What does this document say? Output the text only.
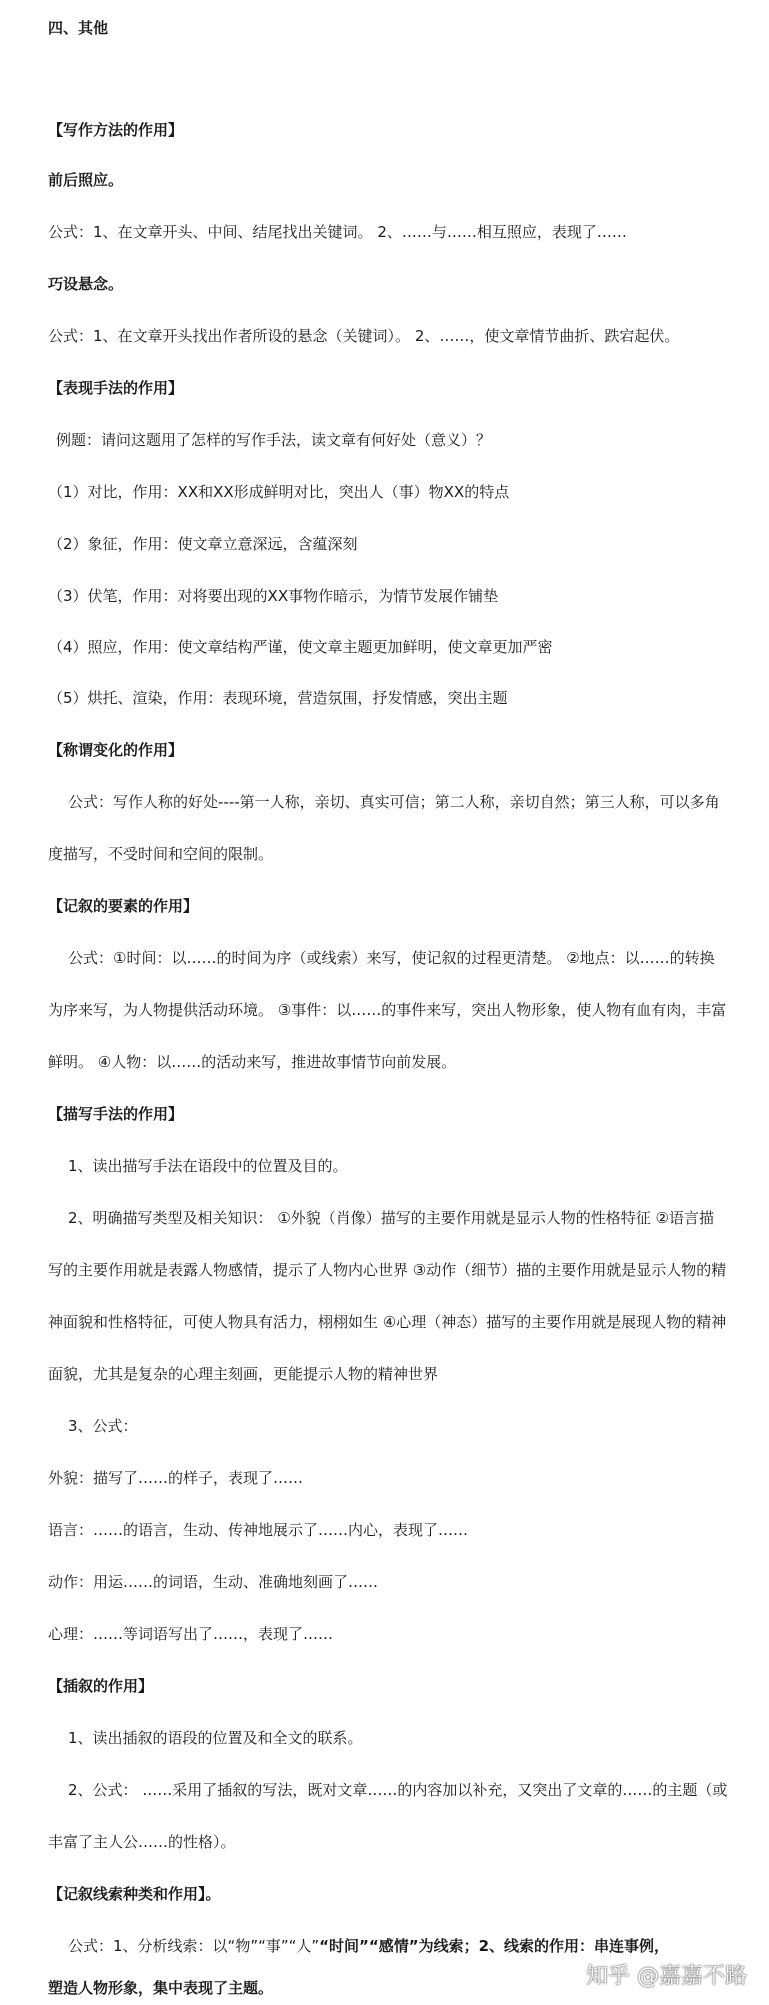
四、其他
【写作方法的作用】
前后照应。
公式：1、在文章开头、中间、结尾找出关键词。 2、……与……相互照应，表现了……
巧设悬念。
公式：1、在文章开头找出作者所设的悬念（关键词）。 2、……，使文章情节曲折、跌宕起伏。
【表现手法的作用】
例题：请问这题用了怎样的写作手法，读文章有何好处（意义）？
（1）对比，作用：XX和XX形成鲜明对比，突出人（事）物XX的特点
（2）象征，作用：使文章立意深远，含蕴深刻
（3）伏笔，作用：对将要出现的XX事物作暗示，为情节发展作铺垫
（4）照应，作用：使文章结构严谨，使文章主题更加鲜明，使文章更加严密
（5）烘托、渲染，作用：表现环境，营造氛围，抒发情感，突出主题
【称谓变化的作用】
公式：写作人称的好处----第一人称，亲切、真实可信；第二人称，亲切自然；第三人称，可以多角
度描写，不受时间和空间的限制。
【记叙的要素的作用】
公式：①时间：以……的时间为序（或线索）来写，使记叙的过程更清楚。 ②地点：以……的转换
为序来写，为人物提供活动环境。 ③事件：以……的事件来写，突出人物形象，使人物有血有肉，丰富
鲜明。 ④人物：以……的活动来写，推进故事情节向前发展。
【描写手法的作用】
1、读出描写手法在语段中的位置及目的。
2、明确描写类型及相关知识： ①外貌（肖像）描写的主要作用就是显示人物的性格特征 ②语言描
写的主要作用就是表露人物感情，提示了人物内心世界 ③动作（细节）描的主要作用就是显示人物的精
神面貌和性格特征，可使人物具有活力，栩栩如生 ④心理（神态）描写的主要作用就是展现人物的精神
面貌，尤其是复杂的心理主刻画，更能提示人物的精神世界
3、公式：
外貌：描写了……的样子，表现了……
语言：……的语言，生动、传神地展示了……内心，表现了……
动作：用运……的词语，生动、准确地刻画了……
心理：……等词语写出了……，表现了……
【插叙的作用】
1、读出插叙的语段的位置及和全文的联系。
2、公式： ……采用了插叙的写法，既对文章……的内容加以补充，又突出了文章的……的主题（或
丰富了主人公……的性格）。
【记叙线索种类和作用】。
公式：1、分析线索：以“物”“事”“人”“时间”“感情”为线索；2、线索的作用：串连事例，
塑造人物形象，集中表现了主题。	知乎 @嘉嘉不路
